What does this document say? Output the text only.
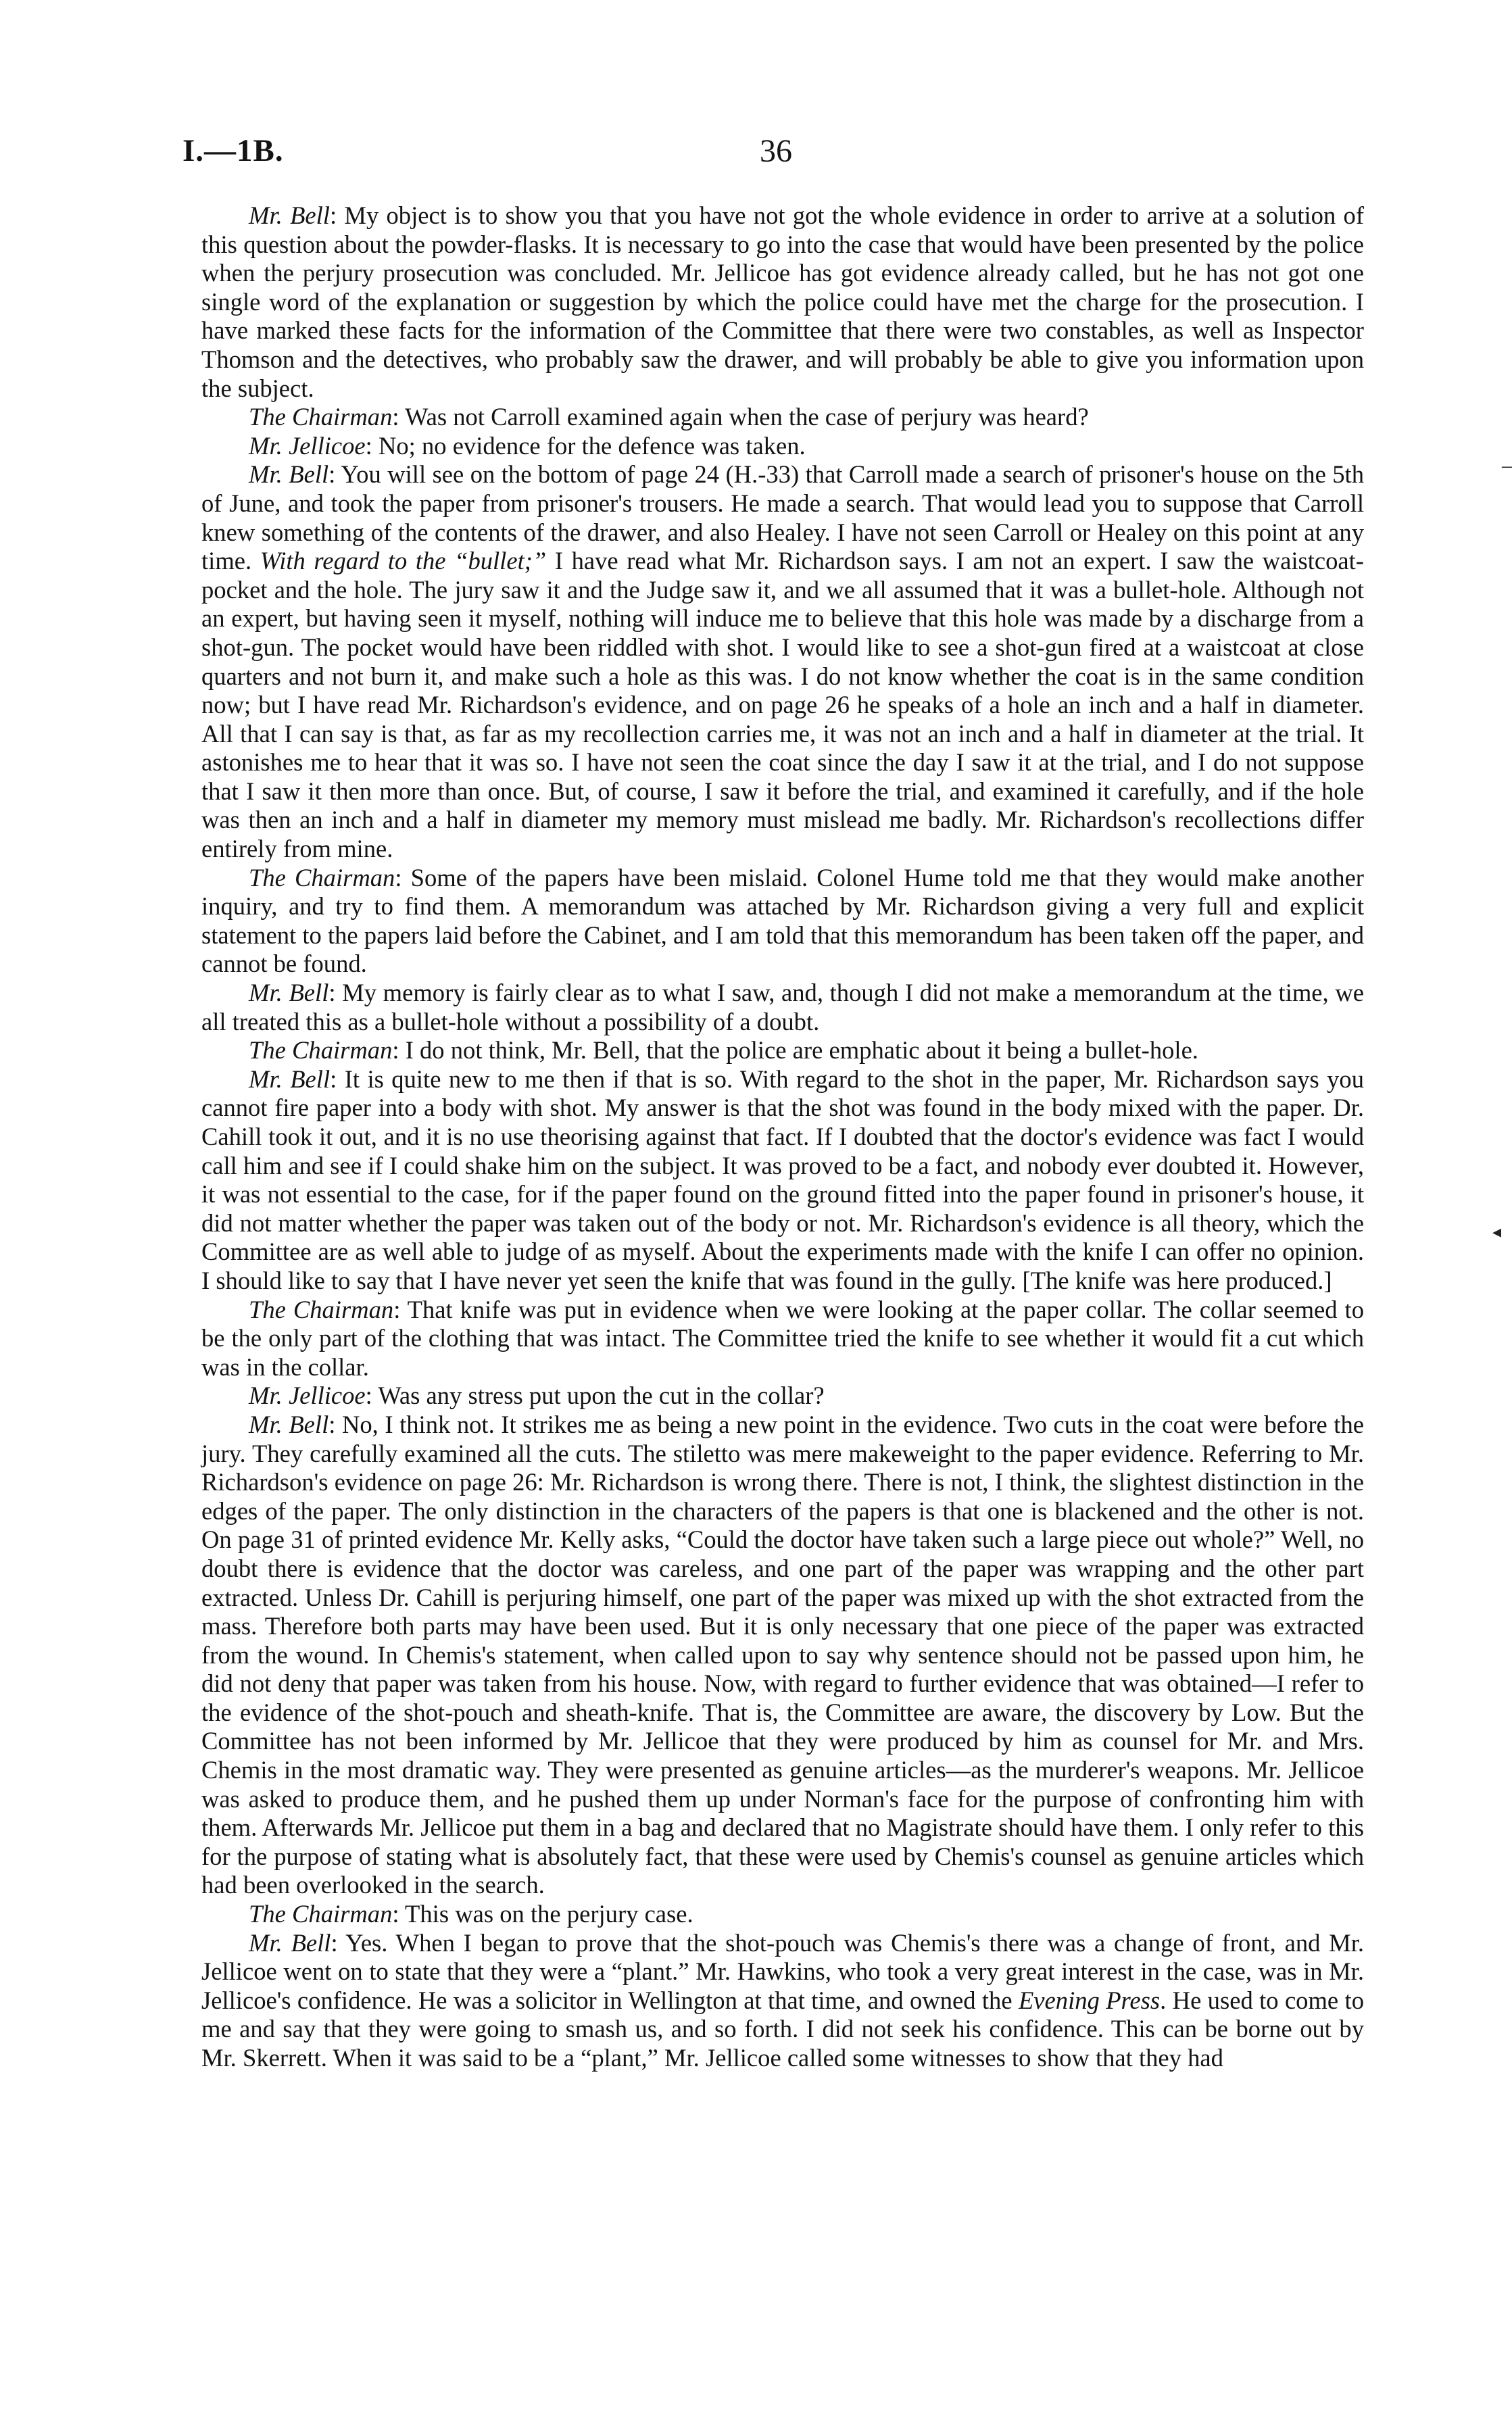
I.—1B.	36
–
◂

Mr. Bell: My object is to show you that you have not got the whole evidence in order to arrive at a solution of this question about the powder-flasks. It is necessary to go into the case that would have been presented by the police when the perjury prosecution was concluded. Mr. Jellicoe has got evidence already called, but he has not got one single word of the explanation or suggestion by which the police could have met the charge for the prosecution. I have marked these facts for the information of the Committee that there were two constables, as well as Inspector Thomson and the detectives, who probably saw the drawer, and will probably be able to give you information upon the subject.

The Chairman: Was not Carroll examined again when the case of perjury was heard?

Mr. Jellicoe: No; no evidence for the defence was taken.

Mr. Bell: You will see on the bottom of page 24 (H.-33) that Carroll made a search of prisoner's house on the 5th of June, and took the paper from prisoner's trousers. He made a search. That would lead you to suppose that Carroll knew something of the contents of the drawer, and also Healey. I have not seen Carroll or Healey on this point at any time. With regard to the “bullet;” I have read what Mr. Richardson says. I am not an expert. I saw the waistcoat-pocket and the hole. The jury saw it and the Judge saw it, and we all assumed that it was a bullet-hole. Although not an expert, but having seen it myself, nothing will induce me to believe that this hole was made by a discharge from a shot-gun. The pocket would have been riddled with shot. I would like to see a shot-gun fired at a waistcoat at close quarters and not burn it, and make such a hole as this was. I do not know whether the coat is in the same condition now; but I have read Mr. Richardson's evidence, and on page 26 he speaks of a hole an inch and a half in diameter. All that I can say is that, as far as my recollection carries me, it was not an inch and a half in diameter at the trial. It astonishes me to hear that it was so. I have not seen the coat since the day I saw it at the trial, and I do not suppose that I saw it then more than once. But, of course, I saw it before the trial, and examined it carefully, and if the hole was then an inch and a half in diameter my memory must mislead me badly. Mr. Richardson's recollections differ entirely from mine.

The Chairman: Some of the papers have been mislaid. Colonel Hume told me that they would make another inquiry, and try to find them. A memorandum was attached by Mr. Richardson giving a very full and explicit statement to the papers laid before the Cabinet, and I am told that this memorandum has been taken off the paper, and cannot be found.

Mr. Bell: My memory is fairly clear as to what I saw, and, though I did not make a memorandum at the time, we all treated this as a bullet-hole without a possibility of a doubt.

The Chairman: I do not think, Mr. Bell, that the police are emphatic about it being a bullet-hole.

Mr. Bell: It is quite new to me then if that is so. With regard to the shot in the paper, Mr. Richardson says you cannot fire paper into a body with shot. My answer is that the shot was found in the body mixed with the paper. Dr. Cahill took it out, and it is no use theorising against that fact. If I doubted that the doctor's evidence was fact I would call him and see if I could shake him on the subject. It was proved to be a fact, and nobody ever doubted it. However, it was not essential to the case, for if the paper found on the ground fitted into the paper found in prisoner's house, it did not matter whether the paper was taken out of the body or not. Mr. Richardson's evidence is all theory, which the Committee are as well able to judge of as myself. About the experiments made with the knife I can offer no opinion. I should like to say that I have never yet seen the knife that was found in the gully. [The knife was here produced.]

The Chairman: That knife was put in evidence when we were looking at the paper collar. The collar seemed to be the only part of the clothing that was intact. The Committee tried the knife to see whether it would fit a cut which was in the collar.

Mr. Jellicoe: Was any stress put upon the cut in the collar?

Mr. Bell: No, I think not. It strikes me as being a new point in the evidence. Two cuts in the coat were before the jury. They carefully examined all the cuts. The stiletto was mere makeweight to the paper evidence. Referring to Mr. Richardson's evidence on page 26: Mr. Richardson is wrong there. There is not, I think, the slightest distinction in the edges of the paper. The only distinction in the characters of the papers is that one is blackened and the other is not. On page 31 of printed evidence Mr. Kelly asks, “Could the doctor have taken such a large piece out whole?” Well, no doubt there is evidence that the doctor was careless, and one part of the paper was wrapping and the other part extracted. Unless Dr. Cahill is perjuring himself, one part of the paper was mixed up with the shot extracted from the mass. Therefore both parts may have been used. But it is only necessary that one piece of the paper was extracted from the wound. In Chemis's statement, when called upon to say why sentence should not be passed upon him, he did not deny that paper was taken from his house. Now, with regard to further evidence that was obtained—I refer to the evidence of the shot-pouch and sheath-knife. That is, the Committee are aware, the discovery by Low. But the Committee has not been informed by Mr. Jellicoe that they were produced by him as counsel for Mr. and Mrs. Chemis in the most dramatic way. They were presented as genuine articles—as the murderer's weapons. Mr. Jellicoe was asked to produce them, and he pushed them up under Norman's face for the purpose of confronting him with them. Afterwards Mr. Jellicoe put them in a bag and declared that no Magistrate should have them. I only refer to this for the purpose of stating what is absolutely fact, that these were used by Chemis's counsel as genuine articles which had been overlooked in the search.

The Chairman: This was on the perjury case.

Mr. Bell: Yes. When I began to prove that the shot-pouch was Chemis's there was a change of front, and Mr. Jellicoe went on to state that they were a “plant.” Mr. Hawkins, who took a very great interest in the case, was in Mr. Jellicoe's confidence. He was a solicitor in Wellington at that time, and owned the Evening Press. He used to come to me and say that they were going to smash us, and so forth. I did not seek his confidence. This can be borne out by Mr. Skerrett. When it was said to be a “plant,” Mr. Jellicoe called some witnesses to show that they had
